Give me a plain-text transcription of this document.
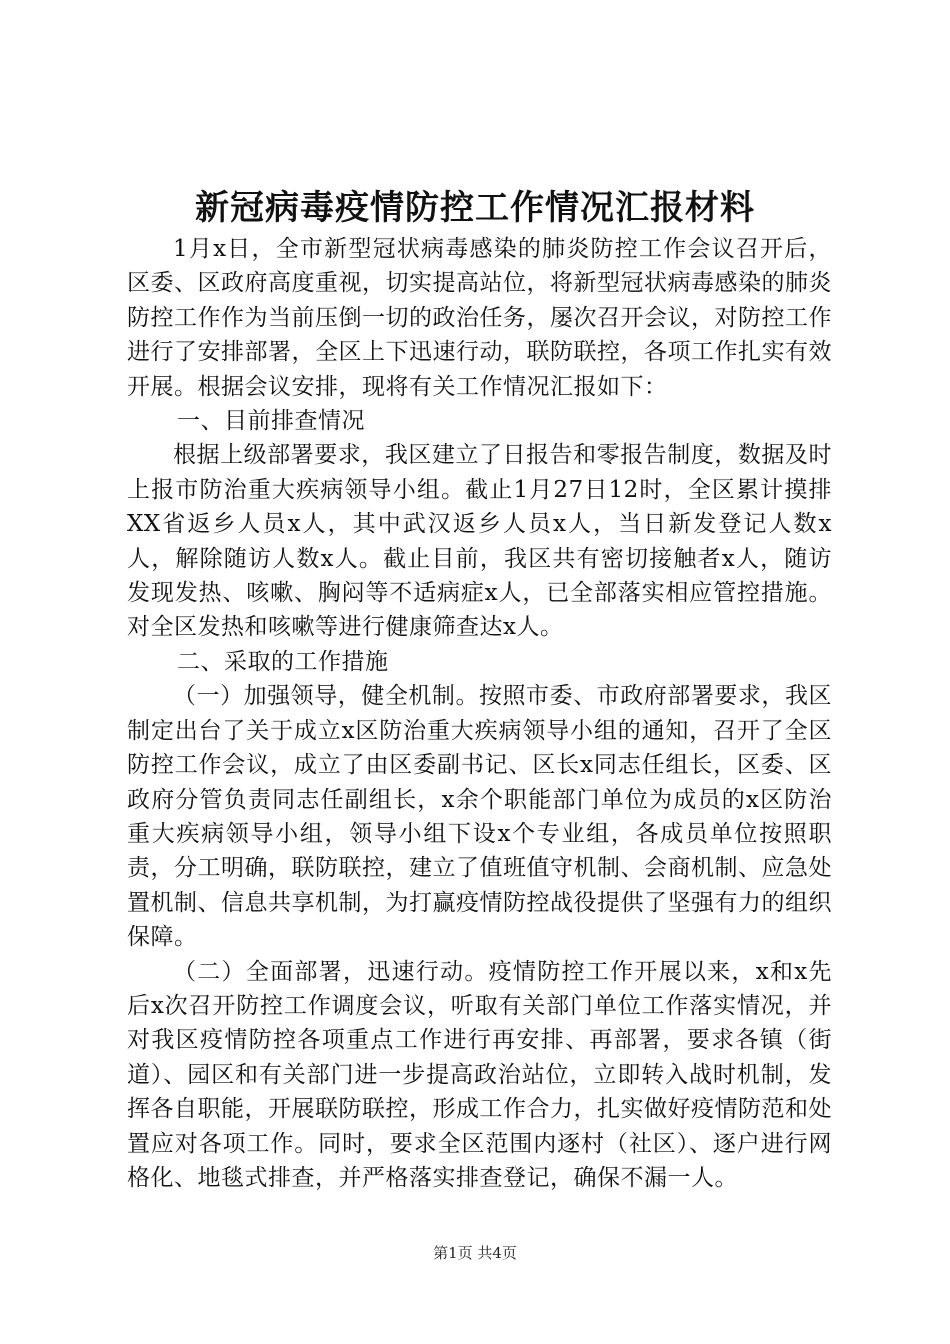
新冠病毒疫情防控工作情况汇报材料

1月x日，全市新型冠状病毒感染的肺炎防控工作会议召开后，区委、区政府高度重视，切实提高站位，将新型冠状病毒感染的肺炎防控工作作为当前压倒一切的政治任务，屡次召开会议，对防控工作进行了安排部署，全区上下迅速行动，联防联控，各项工作扎实有效开展。根据会议安排，现将有关工作情况汇报如下：

一、目前排查情况

根据上级部署要求，我区建立了日报告和零报告制度，数据及时上报市防治重大疾病领导小组。截止1月27日12时，全区累计摸排XX省返乡人员x人，其中武汉返乡人员x人，当日新发登记人数x人，解除随访人数x人。截止目前，我区共有密切接触者x人，随访发现发热、咳嗽、胸闷等不适病症x人，已全部落实相应管控措施。对全区发热和咳嗽等进行健康筛查达x人。

二、采取的工作措施

（一）加强领导，健全机制。按照市委、市政府部署要求，我区制定出台了关于成立x区防治重大疾病领导小组的通知，召开了全区防控工作会议，成立了由区委副书记、区长x同志任组长，区委、区政府分管负责同志任副组长，x余个职能部门单位为成员的x区防治重大疾病领导小组，领导小组下设x个专业组，各成员单位按照职责，分工明确，联防联控，建立了值班值守机制、会商机制、应急处置机制、信息共享机制，为打赢疫情防控战役提供了坚强有力的组织保障。

（二）全面部署，迅速行动。疫情防控工作开展以来，x和x先后x次召开防控工作调度会议，听取有关部门单位工作落实情况，并对我区疫情防控各项重点工作进行再安排、再部署，要求各镇（街道）、园区和有关部门进一步提高政治站位，立即转入战时机制，发挥各自职能，开展联防联控，形成工作合力，扎实做好疫情防范和处置应对各项工作。同时，要求全区范围内逐村（社区）、逐户进行网格化、地毯式排查，并严格落实排查登记，确保不漏一人。

第1页 共4页
